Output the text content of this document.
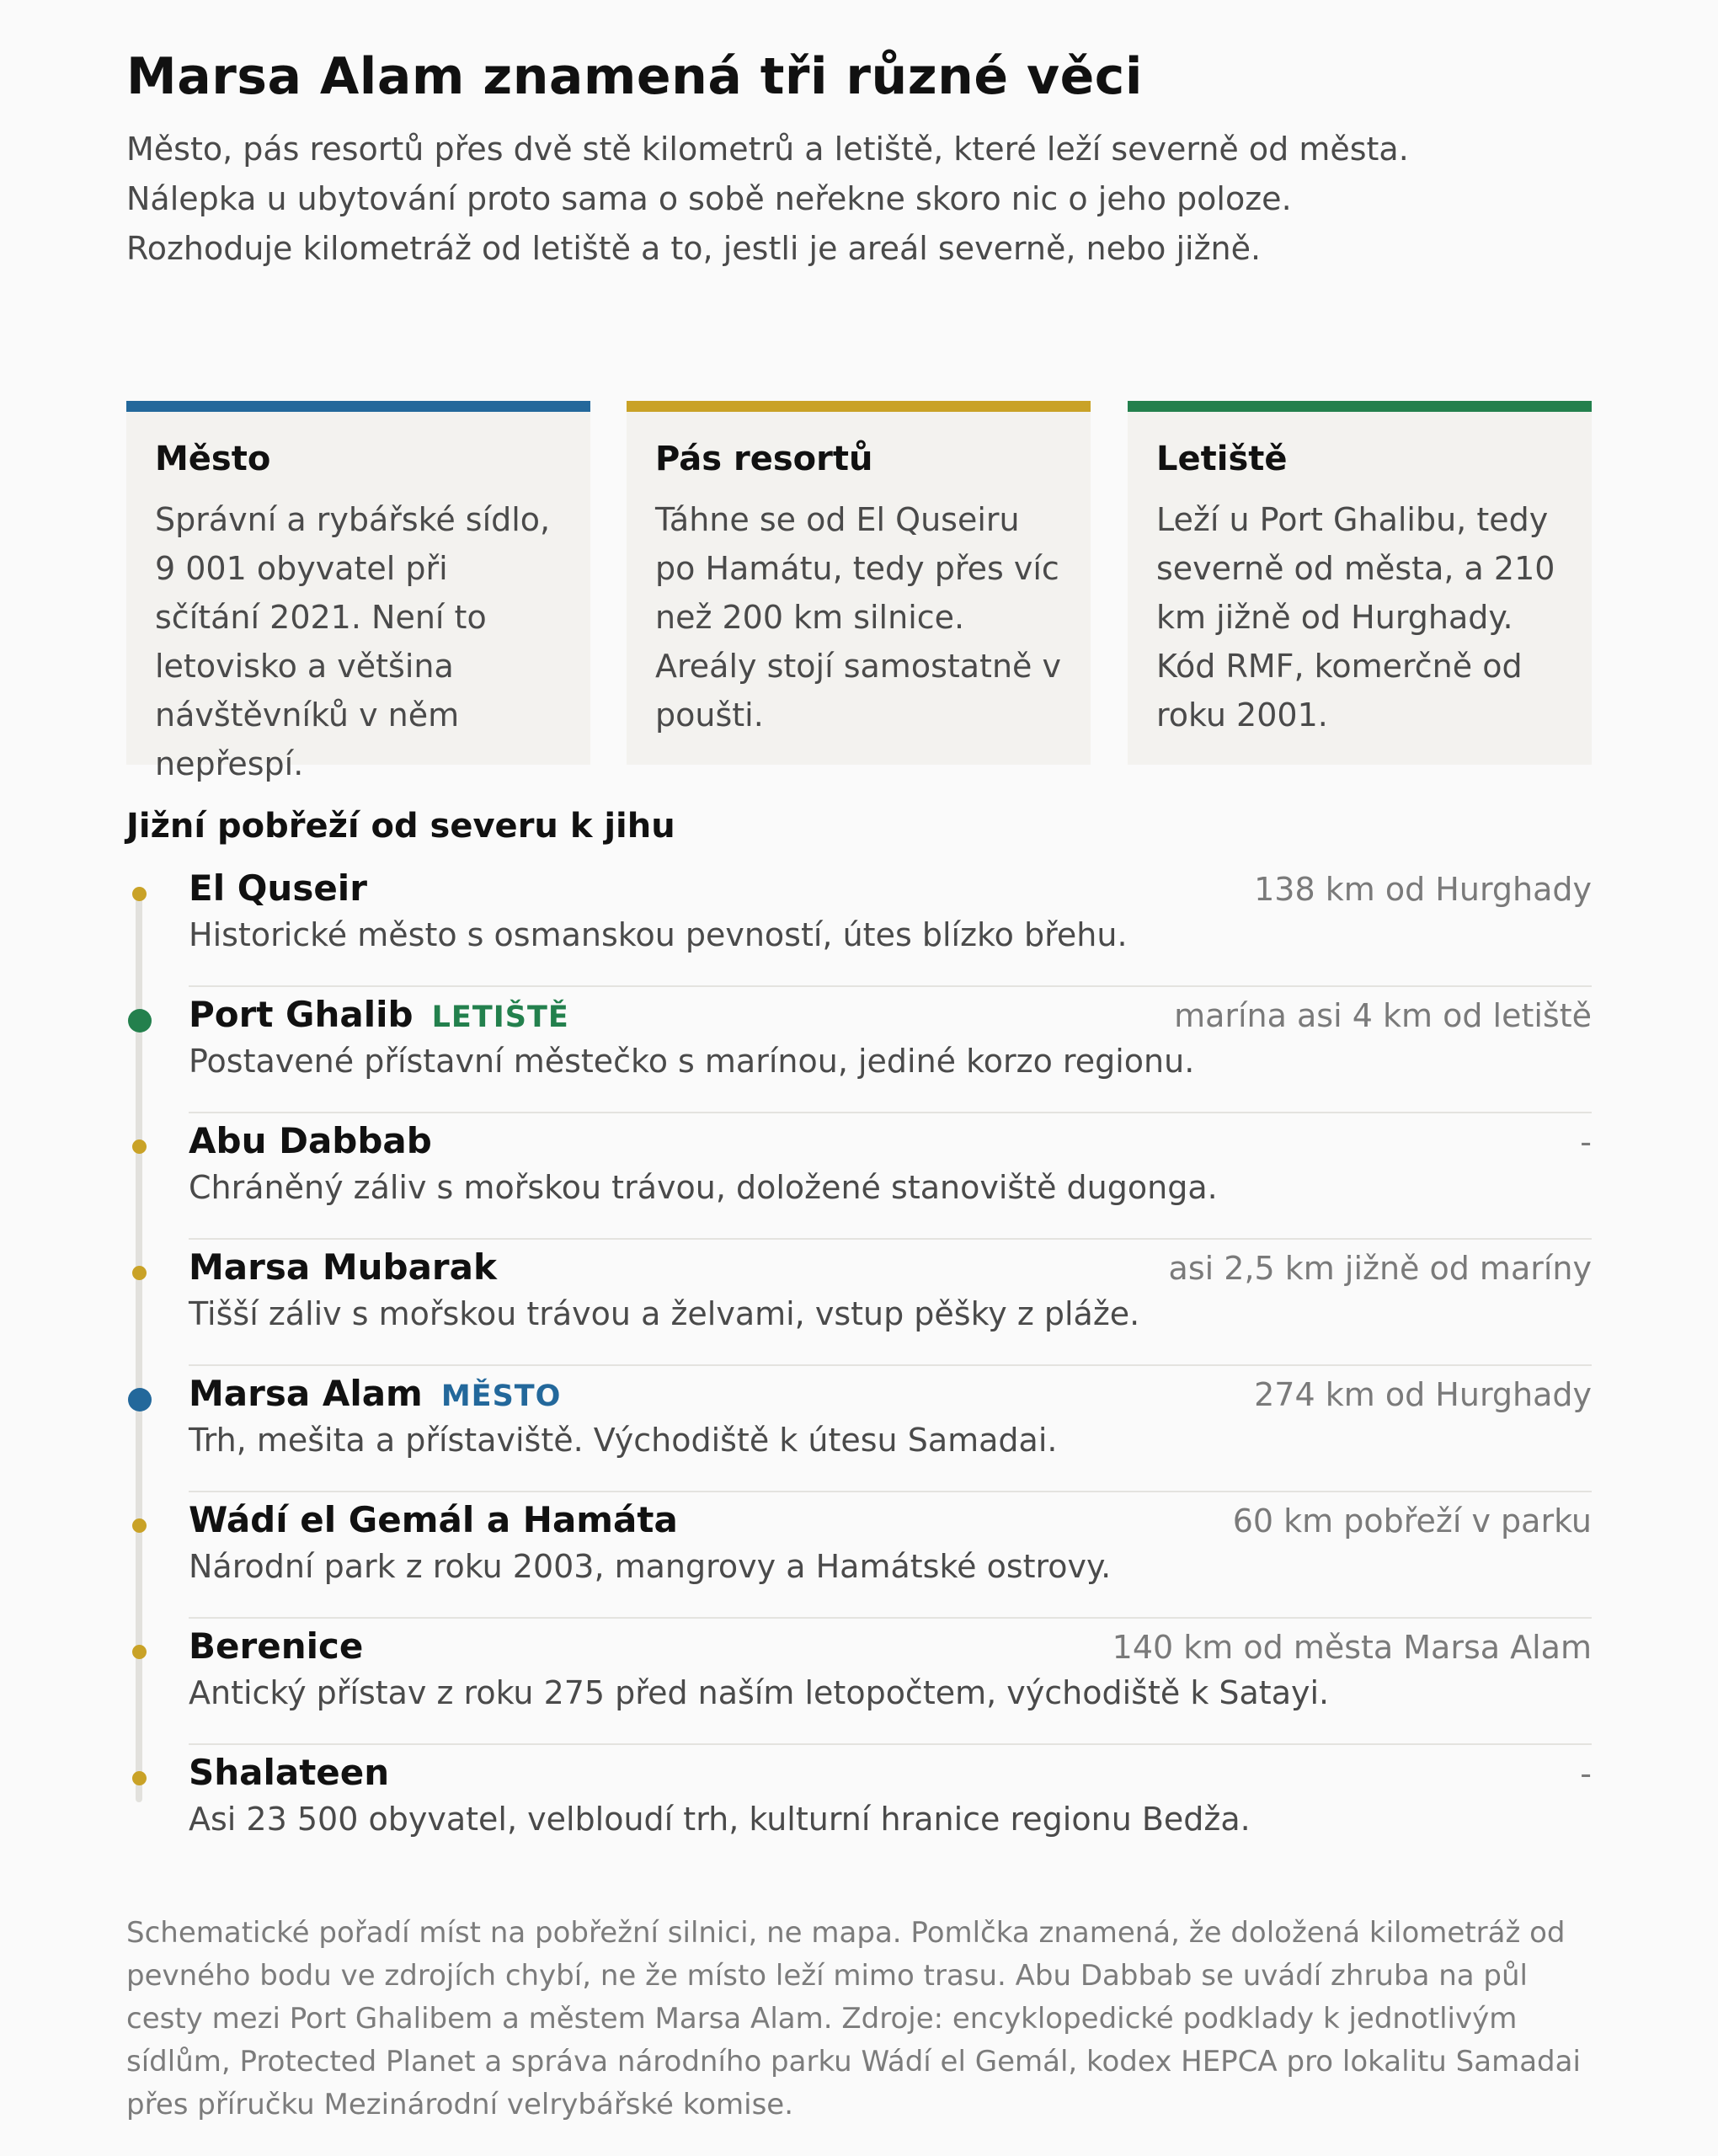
Marsa Alam znamená tři různé věci
Město, pás resortů přes dvě stě kilometrů a letiště, které leží severně od města.
Nálepka u ubytování proto sama o sobě neřekne skoro nic o jeho poloze.
Rozhoduje kilometráž od letiště a to, jestli je areál severně, nebo jižně.
Město

Správní a rybářské sídlo, 9 001 obyvatel při sčítání 2021. Není to letovisko a většina návštěvníků v něm nepřespí.

Pás resortů

Táhne se od El Quseiru po Hamátu, tedy přes víc než 200 km silnice. Areály stojí samostatně v poušti.

Letiště

Leží u Port Ghalibu, tedy severně od města, a 210 km jižně od Hurghady. Kód RMF, komerčně od roku 2001.

Jižní pobřeží od severu k jihu
El Quseir	138 km od Hurghady
Historické město s osmanskou pevností, útes blízko břehu.
Port Ghalib LETIŠTĚ	marína asi 4 km od letiště
Postavené přístavní městečko s marínou, jediné korzo regionu.
Abu Dabbab	-
Chráněný záliv s mořskou trávou, doložené stanoviště dugonga.
Marsa Mubarak	asi 2,5 km jižně od maríny
Tišší záliv s mořskou trávou a želvami, vstup pěšky z pláže.
Marsa Alam MĚSTO	274 km od Hurghady
Trh, mešita a přístaviště. Východiště k útesu Samadai.
Wádí el Gemál a Hamáta	60 km pobřeží v parku
Národní park z roku 2003, mangrovy a Hamátské ostrovy.
Berenice	140 km od města Marsa Alam
Antický přístav z roku 275 před naším letopočtem, východiště k Satayi.
Shalateen	-
Asi 23 500 obyvatel, velbloudí trh, kulturní hranice regionu Bedža.

Schematické pořadí míst na pobřežní silnici, ne mapa. Pomlčka znamená, že doložená kilometráž od pevného bodu ve zdrojích chybí, ne že místo leží mimo trasu. Abu Dabbab se uvádí zhruba na půl cesty mezi Port Ghalibem a městem Marsa Alam. Zdroje: encyklopedické podklady k jednotlivým sídlům, Protected Planet a správa národního parku Wádí el Gemál, kodex HEPCA pro lokalitu Samadai přes příručku Mezinárodní velrybářské komise.
